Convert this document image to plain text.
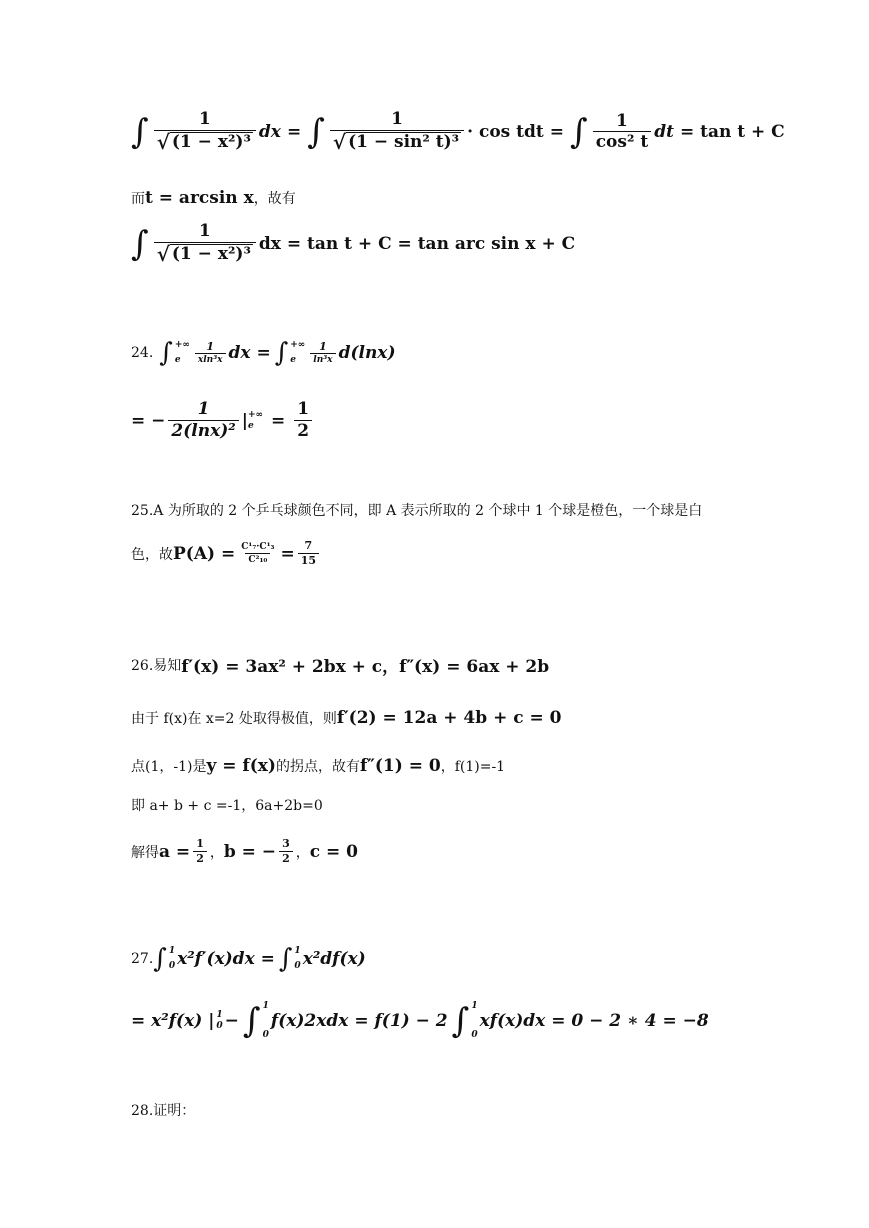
∫ $\frac{1}{\text{√ (1 − x²)³}}$ dx = ∫ $\frac{1}{\text{√ (1 − sin² t)³}} \cdot \cos$ tdt = ∫ $\frac{1}{\text{cos² t}}$ dt = tan t + C
而 t = arcsin x ，故有
∫ $\frac{1}{\text{√ (1 − x²)³}}$ dx = tan t + C = tan arc sin x + C
24. ∫ +∞
e	$\frac{1}{\text{xln³x}}$ dx = ∫ +∞
e	$\frac{1}{\text{ln³x}} d(\ln x)$
= − $\frac{1}{\text{2(lnx)²}}$ | +∞
e	= $\frac{1}{2}$
25.A 为所取的 2 个乒乓球颜色不同，即 A 表示所取的 2 个球中 1 个球是橙色，一个球是白
色，故 $P(A) = \frac{\text{C¹₇·C¹₃}}{\text{C²₁₀}} = \frac{7}{15}$
26.易知 f′(x) = 3ax² + 2bx + c，f″(x) = 6ax + 2b
由于 f(x)在 x=2 处取得极值，则 f′(2) = 12a + 4b + c = 0
点(1，-1)是 y = f(x) 的拐点，故有 f″(1) = 0 ，f(1)=-1
即 a+ b + c =-1，6a+2b=0
解得 $a = \frac{1}{2}$ ， b = − $\frac{3}{2}$ ， c = 0
27. ∫ 1
0 x²f′(x)dx = ∫ 1
0 x²df(x)
= x²f(x) | 1
0 − ∫ 1
0
f(x)2xdx = f(1) − 2 ∫ 1
0
xf(x)dx = 0 − 2 ∗ 4 = −8
28.证明：
